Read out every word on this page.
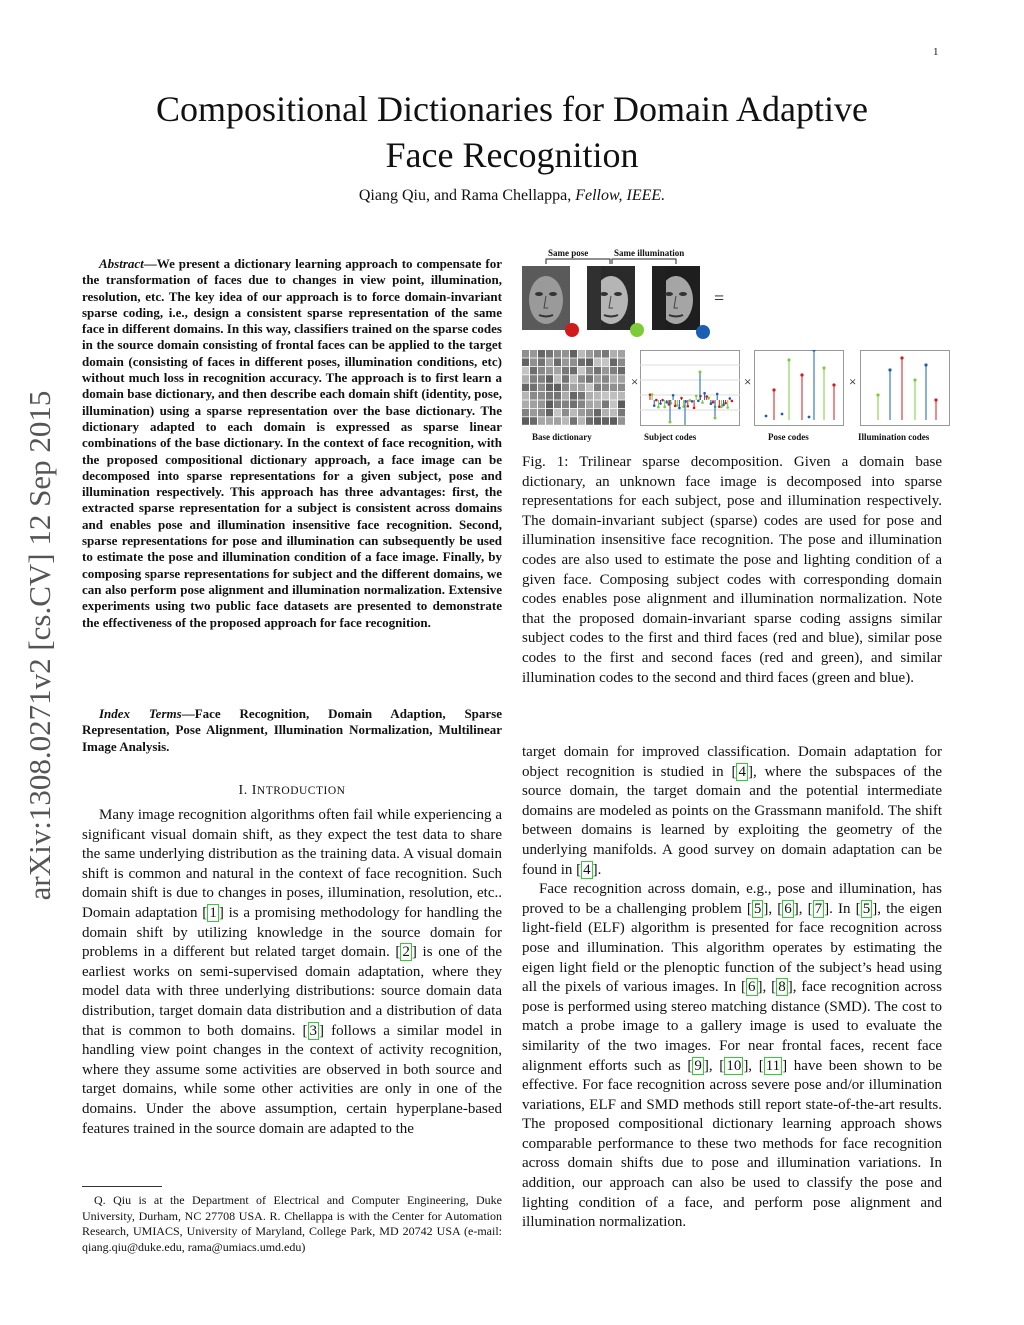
1
Compositional Dictionaries for Domain Adaptive
Face Recognition
Qiang Qiu, and Rama Chellappa, Fellow, IEEE.
arXiv:1308.0271v2 [cs.CV] 12 Sep 2015
Abstract—We present a dictionary learning approach to compensate for the transformation of faces due to changes in view point, illumination, resolution, etc. The key idea of our approach is to force domain-invariant sparse coding, i.e., design a consistent sparse representation of the same face in different domains. In this way, classifiers trained on the sparse codes in the source domain consisting of frontal faces can be applied to the target domain (consisting of faces in different poses, illumination conditions, etc) without much loss in recognition accuracy. The approach is to first learn a domain base dictionary, and then describe each domain shift (identity, pose, illumination) using a sparse representation over the base dictionary. The dictionary adapted to each domain is expressed as sparse linear combinations of the base dictionary. In the context of face recognition, with the proposed compositional dictionary approach, a face image can be decomposed into sparse representations for a given subject, pose and illumination respectively. This approach has three advantages: first, the extracted sparse representation for a subject is consistent across domains and enables pose and illumination insensitive face recognition. Second, sparse representations for pose and illumination can subsequently be used to estimate the pose and illumination condition of a face image. Finally, by composing sparse representations for subject and the different domains, we can also perform pose alignment and illumination normalization. Extensive experiments using two public face datasets are presented to demonstrate the effectiveness of the proposed approach for face recognition.
Index Terms—Face Recognition, Domain Adaption, Sparse Representation, Pose Alignment, Illumination Normalization, Multilinear Image Analysis.
I. INTRODUCTION

Many image recognition algorithms often fail while experiencing a significant visual domain shift, as they expect the test data to share the same underlying distribution as the training data. A visual domain shift is common and natural in the context of face recognition. Such domain shift is due to changes in poses, illumination, resolution, etc.. Domain adaptation [ 1 ] is a promising methodology for handling the domain shift by utilizing knowledge in the source domain for problems in a different but related target domain. [ 2 ] is one of the earliest works on semi-supervised domain adaptation, where they model data with three underlying distributions: source domain data distribution, target domain data distribution and a distribution of data that is common to both domains. [ 3 ] follows a similar model in handling view point changes in the context of activity recognition, where they assume some activities are observed in both source and target domains, while some other activities are only in one of the domains. Under the above assumption, certain hyperplane-based features trained in the source domain are adapted to the

Q. Qiu is at the Department of Electrical and Computer Engineering, Duke University, Durham, NC 27708 USA. R. Chellappa is with the Center for Automation Research, UMIACS, University of Maryland, College Park, MD 20742 USA (e-mail: qiang.qiu@duke.edu, rama@umiacs.umd.edu)

Same pose	Same illumination
=
×	×	×
Base dictionary	Subject codes	Pose codes	Illumination codes
Fig. 1: Trilinear sparse decomposition. Given a domain base dictionary, an unknown face image is decomposed into sparse representations for each subject, pose and illumination respectively. The domain-invariant subject (sparse) codes are used for pose and illumination insensitive face recognition. The pose and illumination codes are also used to estimate the pose and lighting condition of a given face. Composing subject codes with corresponding domain codes enables pose alignment and illumination normalization. Note that the proposed domain-invariant sparse coding assigns similar subject codes to the first and third faces (red and blue), similar pose codes to the first and second faces (red and green), and similar illumination codes to the second and third faces (green and blue).

target domain for improved classification. Domain adaptation for object recognition is studied in [ 4 ], where the subspaces of the source domain, the target domain and the potential intermediate domains are modeled as points on the Grassmann manifold. The shift between domains is learned by exploiting the geometry of the underlying manifolds. A good survey on domain adaptation can be found in [ 4 ].

Face recognition across domain, e.g., pose and illumination, has proved to be a challenging problem [ 5 ], [ 6 ], [ 7 ]. In [ 5 ], the eigen light-field (ELF) algorithm is presented for face recognition across pose and illumination. This algorithm operates by estimating the eigen light field or the plenoptic function of the subject’s head using all the pixels of various images. In [ 6 ], [ 8 ], face recognition across pose is performed using stereo matching distance (SMD). The cost to match a probe image to a gallery image is used to evaluate the similarity of the two images. For near frontal faces, recent face alignment efforts such as [ 9 ], [ 10 ], [ 11 ] have been shown to be effective. For face recognition across severe pose and/or illumination variations, ELF and SMD methods still report state-of-the-art results. The proposed compositional dictionary learning approach shows comparable performance to these two methods for face recognition across domain shifts due to pose and illumination variations. In addition, our approach can also be used to classify the pose and lighting condition of a face, and perform pose alignment and illumination normalization.
